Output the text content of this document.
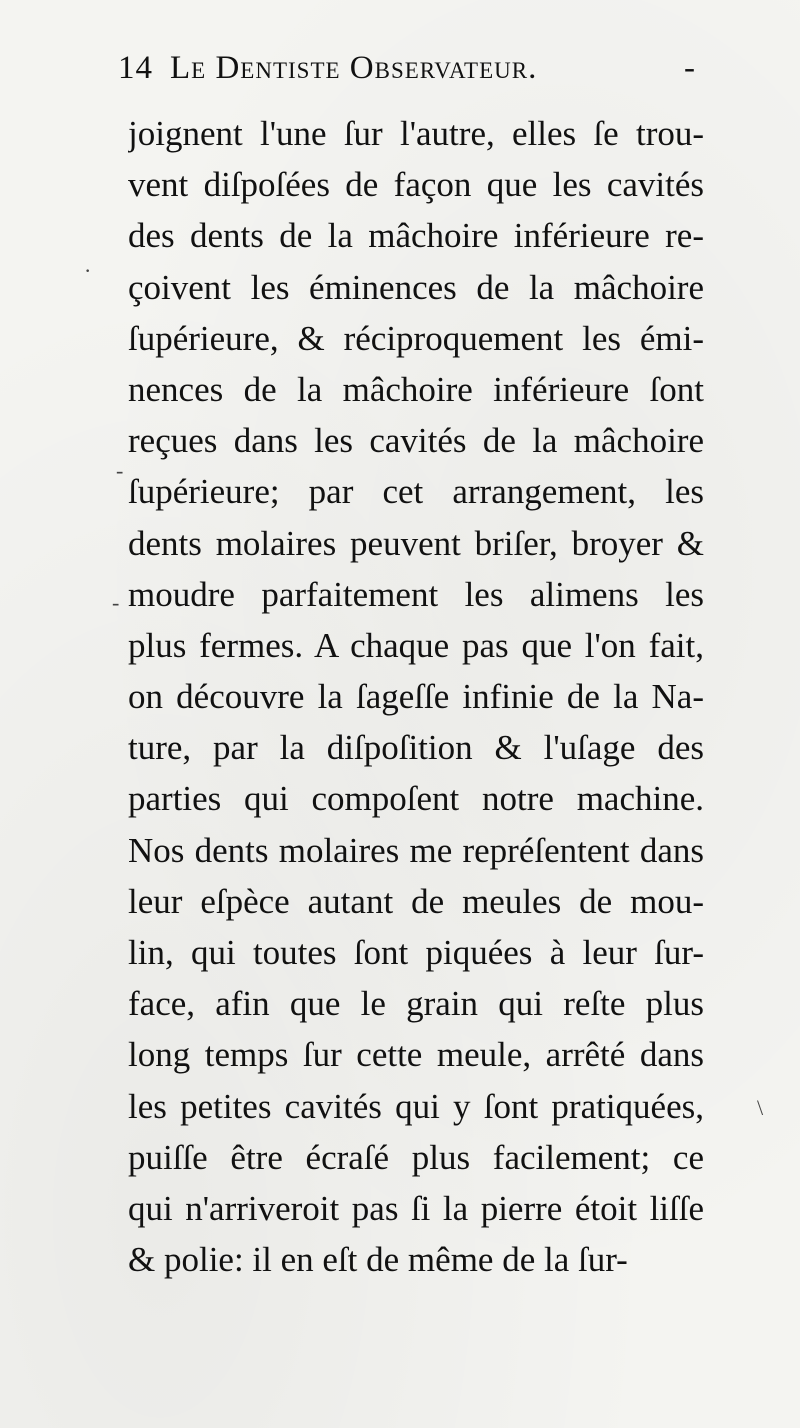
14 Le Dentiste Observateur.	-
·
-
-
\
joignent l'une ſur l'autre, elles ſe trou-
vent diſpoſées de façon que les cavités
des dents de la mâchoire inférieure re-
çoivent les éminences de la mâchoire
ſupérieure, & réciproquement les émi-
nences de la mâchoire inférieure ſont
reçues dans les cavités de la mâchoire
ſupérieure; par cet arrangement, les
dents molaires peuvent briſer, broyer &
moudre parfaitement les alimens les
plus fermes. A chaque pas que l'on fait,
on découvre la ſageſſe infinie de la Na-
ture, par la diſpoſition & l'uſage des
parties qui compoſent notre machine.
Nos dents molaires me repréſentent dans
leur eſpèce autant de meules de mou-
lin, qui toutes ſont piquées à leur ſur-
face, afin que le grain qui reſte plus
long temps ſur cette meule, arrêté dans
les petites cavités qui y ſont pratiquées,
puiſſe être écraſé plus facilement; ce
qui n'arriveroit pas ſi la pierre étoit liſſe
& polie: il en eſt de même de la ſur-
